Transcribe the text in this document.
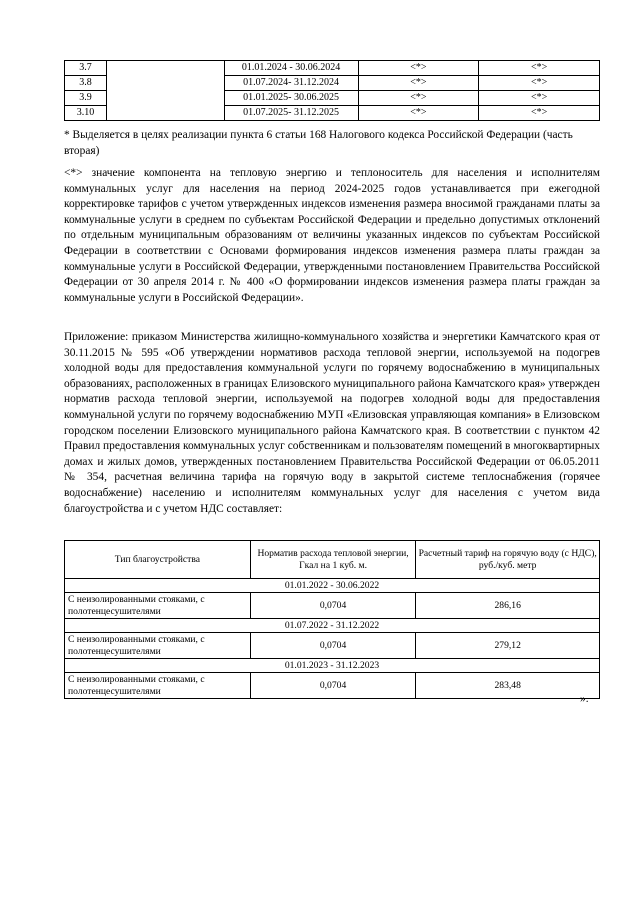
3.7		01.01.2024 - 30.06.2024	<*>	<*>
3.8		01.07.2024- 31.12.2024	<*>	<*>
3.9		01.01.2025- 30.06.2025	<*>	<*>
3.10		01.07.2025- 31.12.2025	<*>	<*>

* Выделяется в целях реализации пункта 6 статьи 168 Налогового кодекса Российской Федерации (часть вторая)

<*> значение компонента на тепловую энергию и теплоноситель для населения и исполнителям коммунальных услуг для населения на период 2024-2025 годов устанавливается при ежегодной корректировке тарифов с учетом утвержденных индексов изменения размера вносимой гражданами платы за коммунальные услуги в среднем по субъектам Российской Федерации и предельно допустимых отклонений по отдельным муниципальным образованиям от величины указанных индексов по субъектам Российской Федерации в соответствии с Основами формирования индексов изменения размера платы граждан за коммунальные услуги в Российской Федерации, утвержденными постановлением Правительства Российской Федерации от 30 апреля 2014 г. № 400 «О формировании индексов изменения размера платы граждан за коммунальные услуги в Российской Федерации».

Приложение: приказом Министерства жилищно-коммунального хозяйства и энергетики Камчатского края от 30.11.2015 № 595 «Об утверждении нормативов расхода тепловой энергии, используемой на подогрев холодной воды для предоставления коммунальной услуги по горячему водоснабжению в муниципальных образованиях, расположенных в границах Елизовского муниципального района Камчатского края» утвержден норматив расхода тепловой энергии, используемой на подогрев холодной воды для предоставления коммунальной услуги по горячему водоснабжению МУП «Елизовская управляющая компания» в Елизовском городском поселении Елизовского муниципального района Камчатского края. В соответствии с пунктом 42 Правил предоставления коммунальных услуг собственникам и пользователям помещений в многоквартирных домах и жилых домов, утвержденных постановлением Правительства Российской Федерации от 06.05.2011 № 354, расчетная величина тарифа на горячую воду в закрытой системе теплоснабжения (горячее водоснабжение) населению и исполнителям коммунальных услуг для населения с учетом вида благоустройства и с учетом НДС составляет:

Тип благоустройства	Норматив расхода тепловой энергии, Гкал на 1 куб. м.	Расчетный тариф на горячую воду (с НДС), руб./куб. метр
01.01.2022 - 30.06.2022		
С неизолированными стояками, с полотенцесушителями	0,0704	286,16
01.07.2022 - 31.12.2022		
С неизолированными стояками, с полотенцесушителями	0,0704	279,12
01.01.2023 - 31.12.2023		
С неизолированными стояками, с полотенцесушителями	0,0704	283,48
».
